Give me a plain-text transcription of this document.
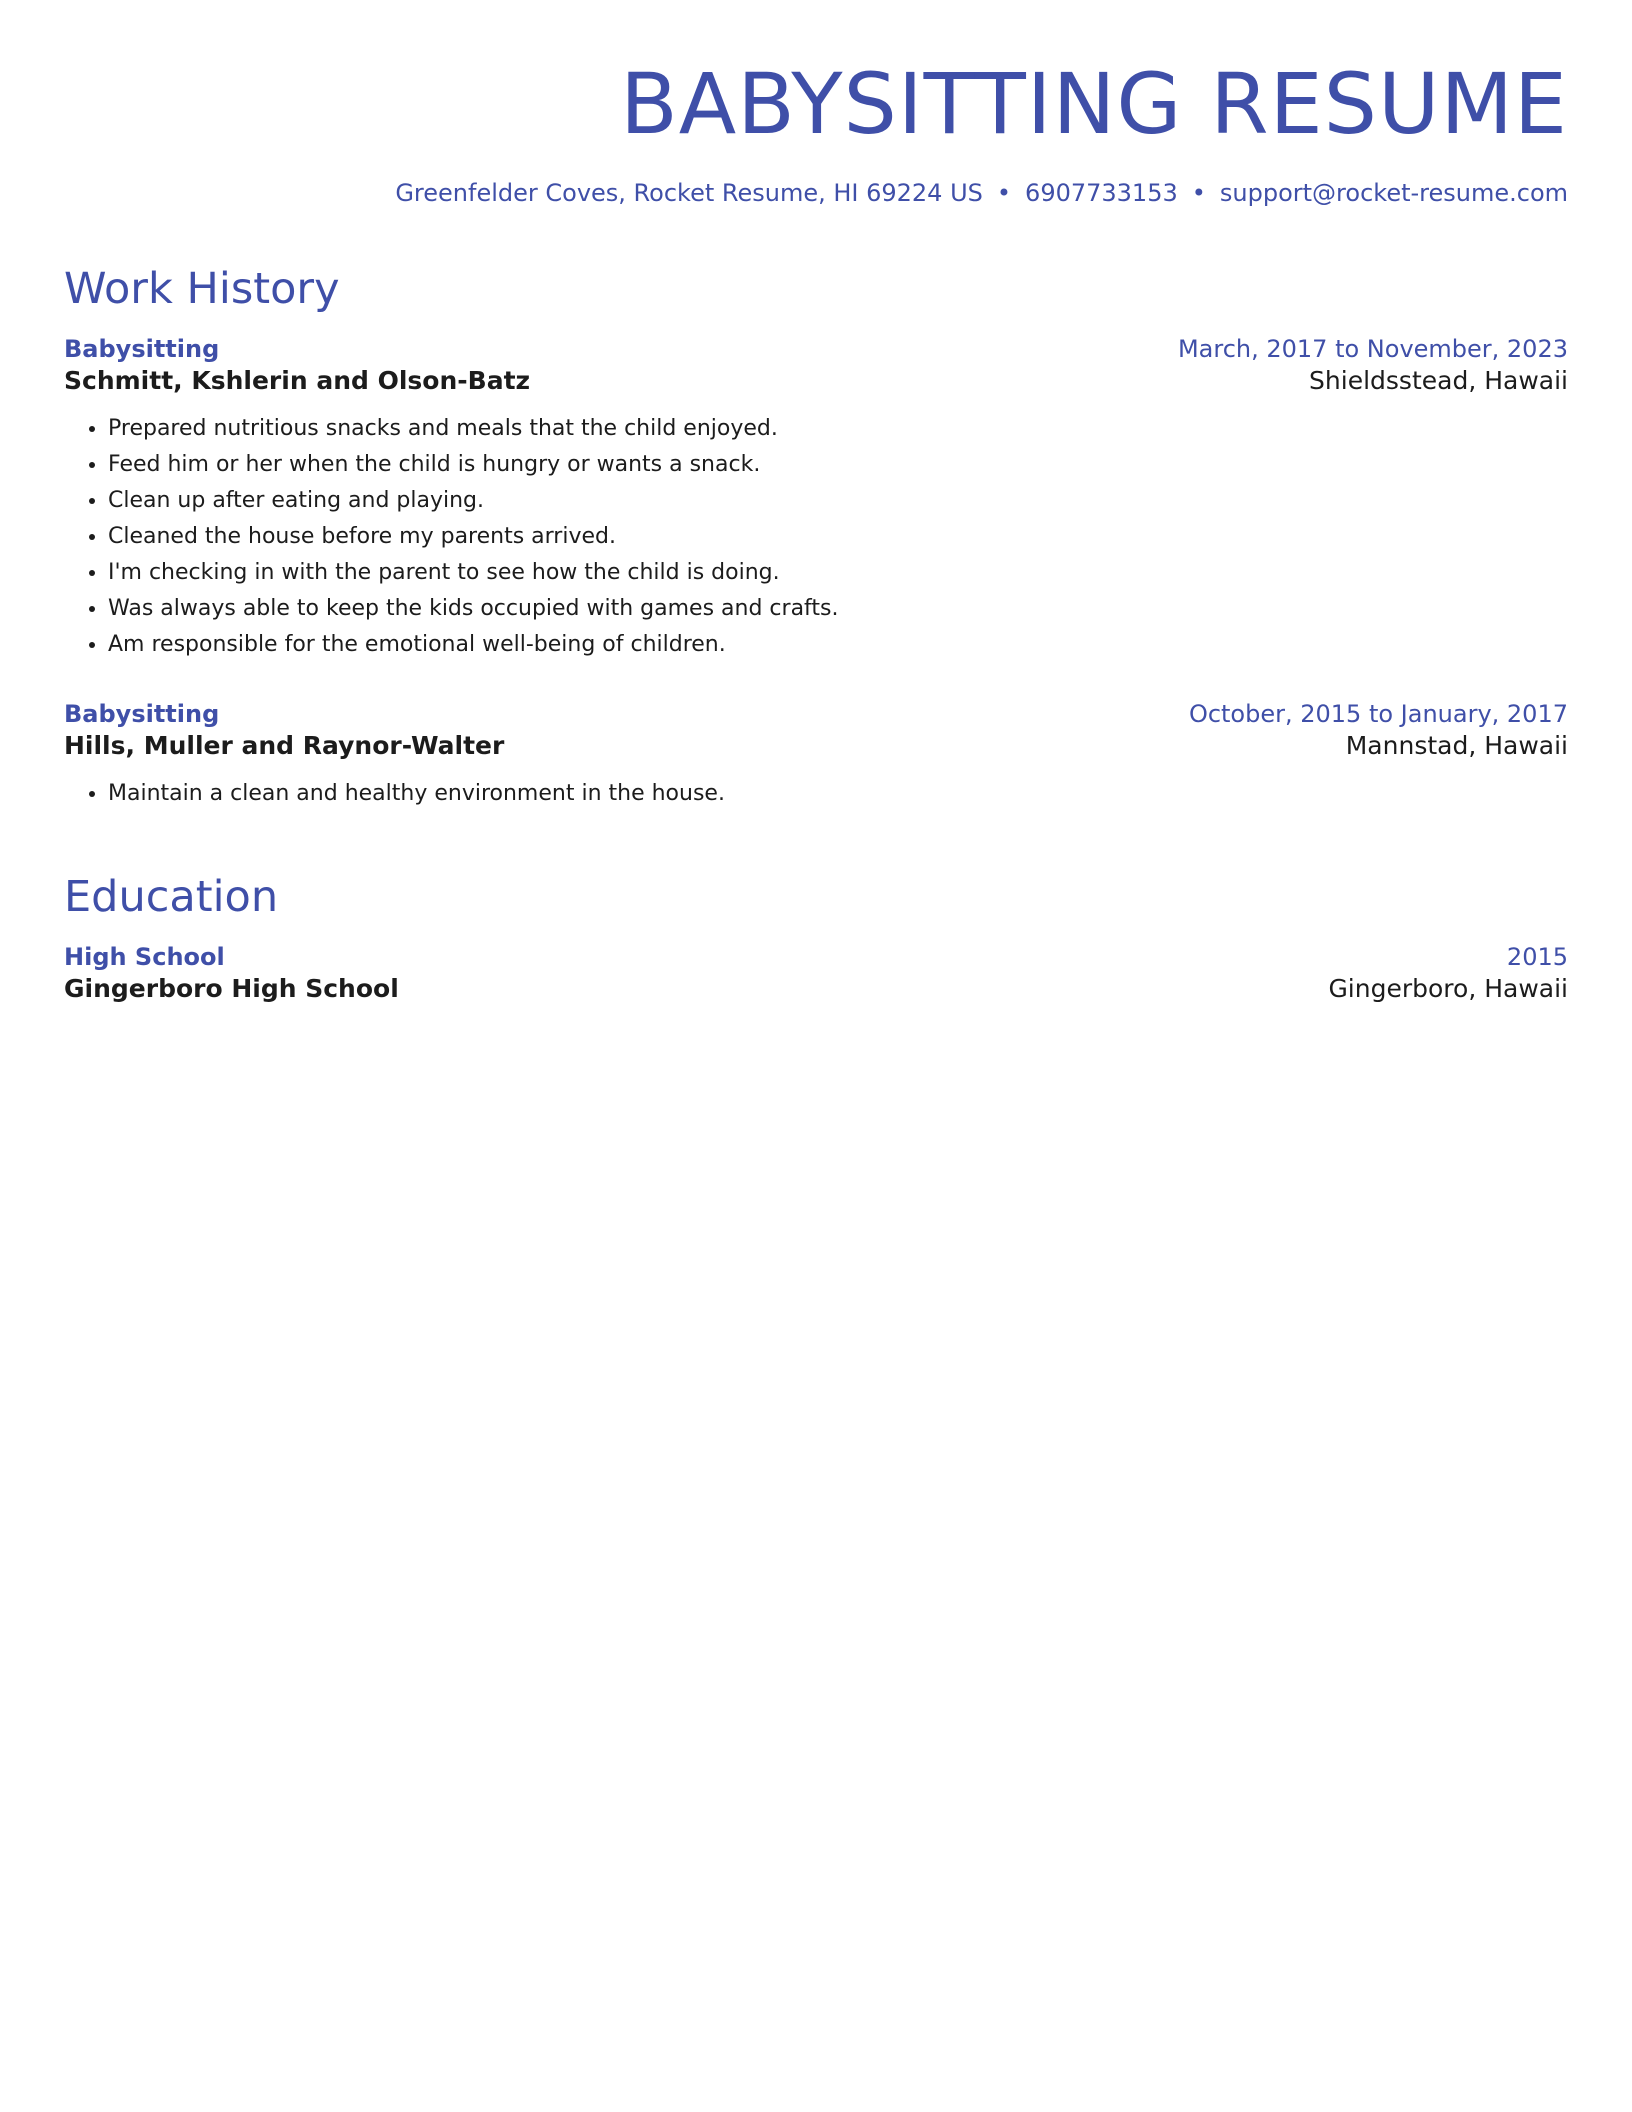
BABYSITTING RESUME
Greenfelder Coves, Rocket Resume, HI 69224 US • 6907733153 • support@rocket-resume.com
Work History
Babysitting	March, 2017 to November, 2023
Schmitt, Kshlerin and Olson-Batz	Shieldsstead, Hawaii
• Prepared nutritious snacks and meals that the child enjoyed.
• Feed him or her when the child is hungry or wants a snack.
• Clean up after eating and playing.
• Cleaned the house before my parents arrived.
• I'm checking in with the parent to see how the child is doing.
• Was always able to keep the kids occupied with games and crafts.
• Am responsible for the emotional well-being of children.
Babysitting	October, 2015 to January, 2017
Hills, Muller and Raynor-Walter	Mannstad, Hawaii
• Maintain a clean and healthy environment in the house.
Education
High School	2015
Gingerboro High School	Gingerboro, Hawaii
